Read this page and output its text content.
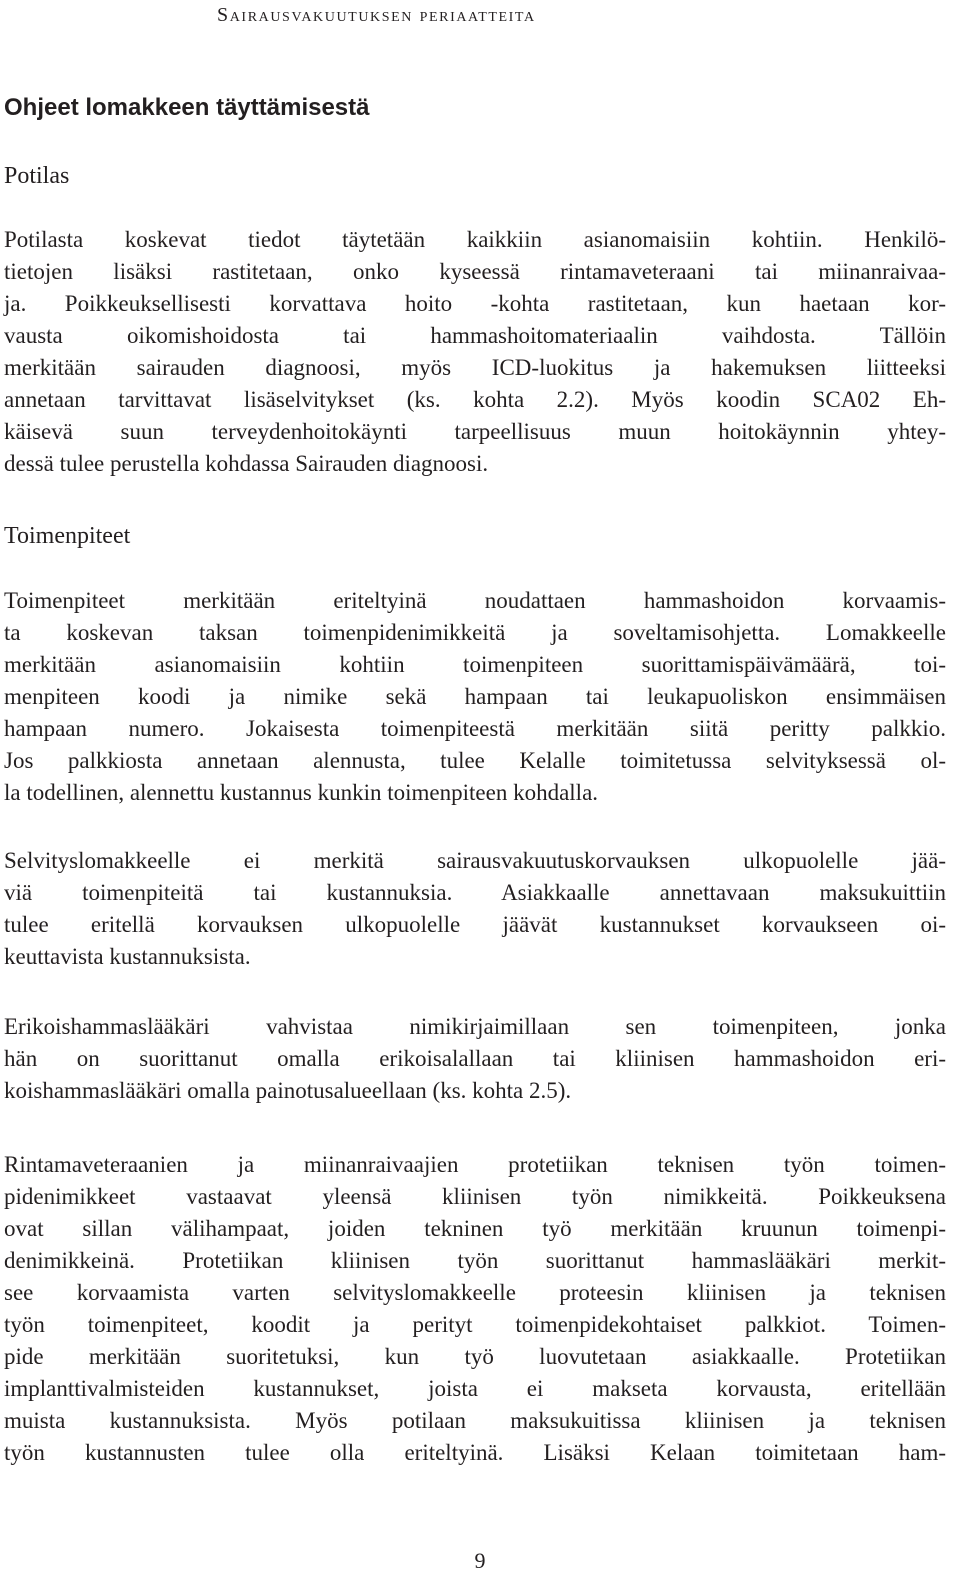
Sairausvakuutuksen periaatteita
Ohjeet lomakkeen täyttämisestä
Potilas
Potilasta koskevat tiedot täytetään kaikkiin asianomaisiin kohtiin. Henkilö-
tietojen lisäksi rastitetaan, onko kyseessä rintamaveteraani tai miinanraivaa-
ja. Poikkeuksellisesti korvattava hoito -kohta rastitetaan, kun haetaan kor-
vausta oikomishoidosta tai hammashoitomateriaalin vaihdosta. Tällöin
merkitään sairauden diagnoosi, myös ICD-luokitus ja hakemuksen liitteeksi
annetaan tarvittavat lisäselvitykset (ks. kohta 2.2). Myös koodin SCA02 Eh-
käisevä suun terveydenhoitokäynti tarpeellisuus muun hoitokäynnin yhtey-
dessä tulee perustella kohdassa Sairauden diagnoosi.
Toimenpiteet
Toimenpiteet merkitään eriteltyinä noudattaen hammashoidon korvaamis-
ta koskevan taksan toimenpidenimikkeitä ja soveltamisohjetta. Lomakkeelle
merkitään asianomaisiin kohtiin toimenpiteen suorittamispäivämäärä, toi-
menpiteen koodi ja nimike sekä hampaan tai leukapuoliskon ensimmäisen
hampaan numero. Jokaisesta toimenpiteestä merkitään siitä peritty palkkio.
Jos palkkiosta annetaan alennusta, tulee Kelalle toimitetussa selvityksessä ol-
la todellinen, alennettu kustannus kunkin toimenpiteen kohdalla.
Selvityslomakkeelle ei merkitä sairausvakuutuskorvauksen ulkopuolelle jää-
viä toimenpiteitä tai kustannuksia. Asiakkaalle annettavaan maksukuittiin
tulee eritellä korvauksen ulkopuolelle jäävät kustannukset korvaukseen oi-
keuttavista kustannuksista.
Erikoishammaslääkäri vahvistaa nimikirjaimillaan sen toimenpiteen, jonka
hän on suorittanut omalla erikoisalallaan tai kliinisen hammashoidon eri-
koishammaslääkäri omalla painotusalueellaan (ks. kohta 2.5).
Rintamaveteraanien ja miinanraivaajien protetiikan teknisen työn toimen-
pidenimikkeet vastaavat yleensä kliinisen työn nimikkeitä. Poikkeuksena
ovat sillan välihampaat, joiden tekninen työ merkitään kruunun toimenpi-
denimikkeinä. Protetiikan kliinisen työn suorittanut hammaslääkäri merkit-
see korvaamista varten selvityslomakkeelle proteesin kliinisen ja teknisen
työn toimenpiteet, koodit ja perityt toimenpidekohtaiset palkkiot. Toimen-
pide merkitään suoritetuksi, kun työ luovutetaan asiakkaalle. Protetiikan
implanttivalmisteiden kustannukset, joista ei makseta korvausta, eritellään
muista kustannuksista. Myös potilaan maksukuitissa kliinisen ja teknisen
työn kustannusten tulee olla eriteltyinä. Lisäksi Kelaan toimitetaan ham-
9
